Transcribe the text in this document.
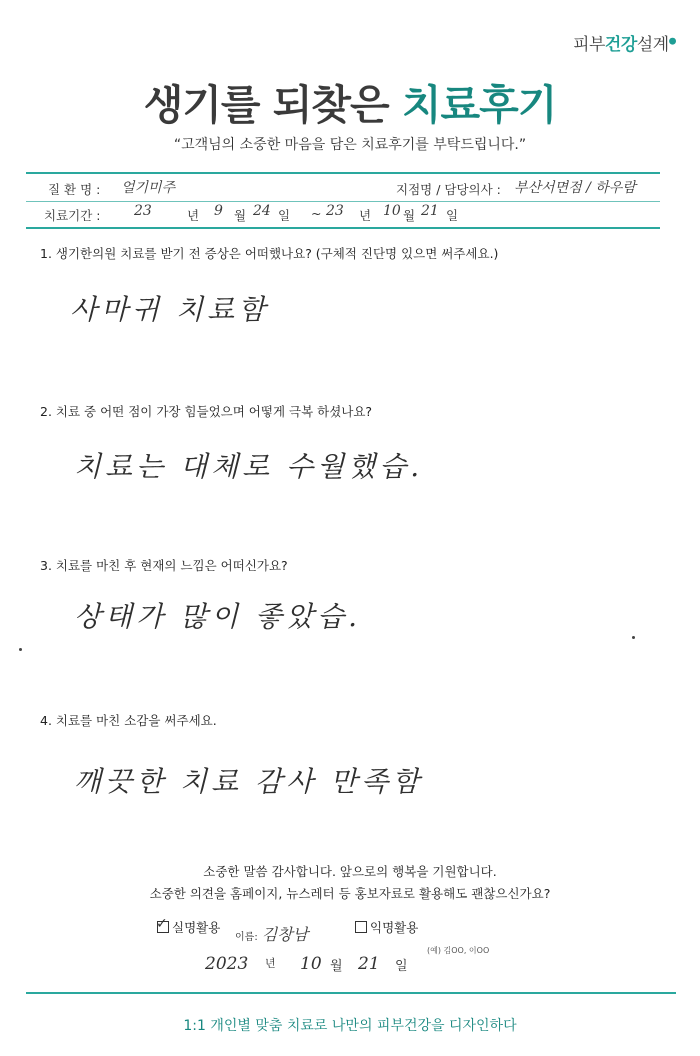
피부건강설계●
생기를 되찾은 치료후기
“고객님의 소중한 마음을 담은 치료후기를 부탁드립니다.”
질 환 명 : 얼기미주	지점명 / 담당의사 : 부산서면점 / 하우람
치료기간 : 23	년 9 월 24 일 ~ 23 년 10 월 21 일
1. 생기한의원 치료를 받기 전 증상은 어떠했나요? (구체적 진단명 있으면 써주세요.)
사마귀 치료함
2. 치료 중 어떤 점이 가장 힘들었으며 어떻게 극복 하셨나요?
치료는 대체로 수월했습.
3. 치료를 마친 후 현재의 느낌은 어떠신가요?
상태가 많이 좋았습.
4. 치료를 마친 소감을 써주세요.
깨끗한 치료 감사 만족함
소중한 말씀 감사합니다. 앞으로의 행복을 기원합니다.
소중한 의견을 홈페이지, 뉴스레터 등 홍보자료로 활용해도 괜찮으신가요?
✓ 실명활용
이름: 김창남	익명활용
(예) 김OO, 이OO
2023 년 10 월 21 일
1:1 개인별 맞춤 치료로 나만의 피부건강을 디자인하다
